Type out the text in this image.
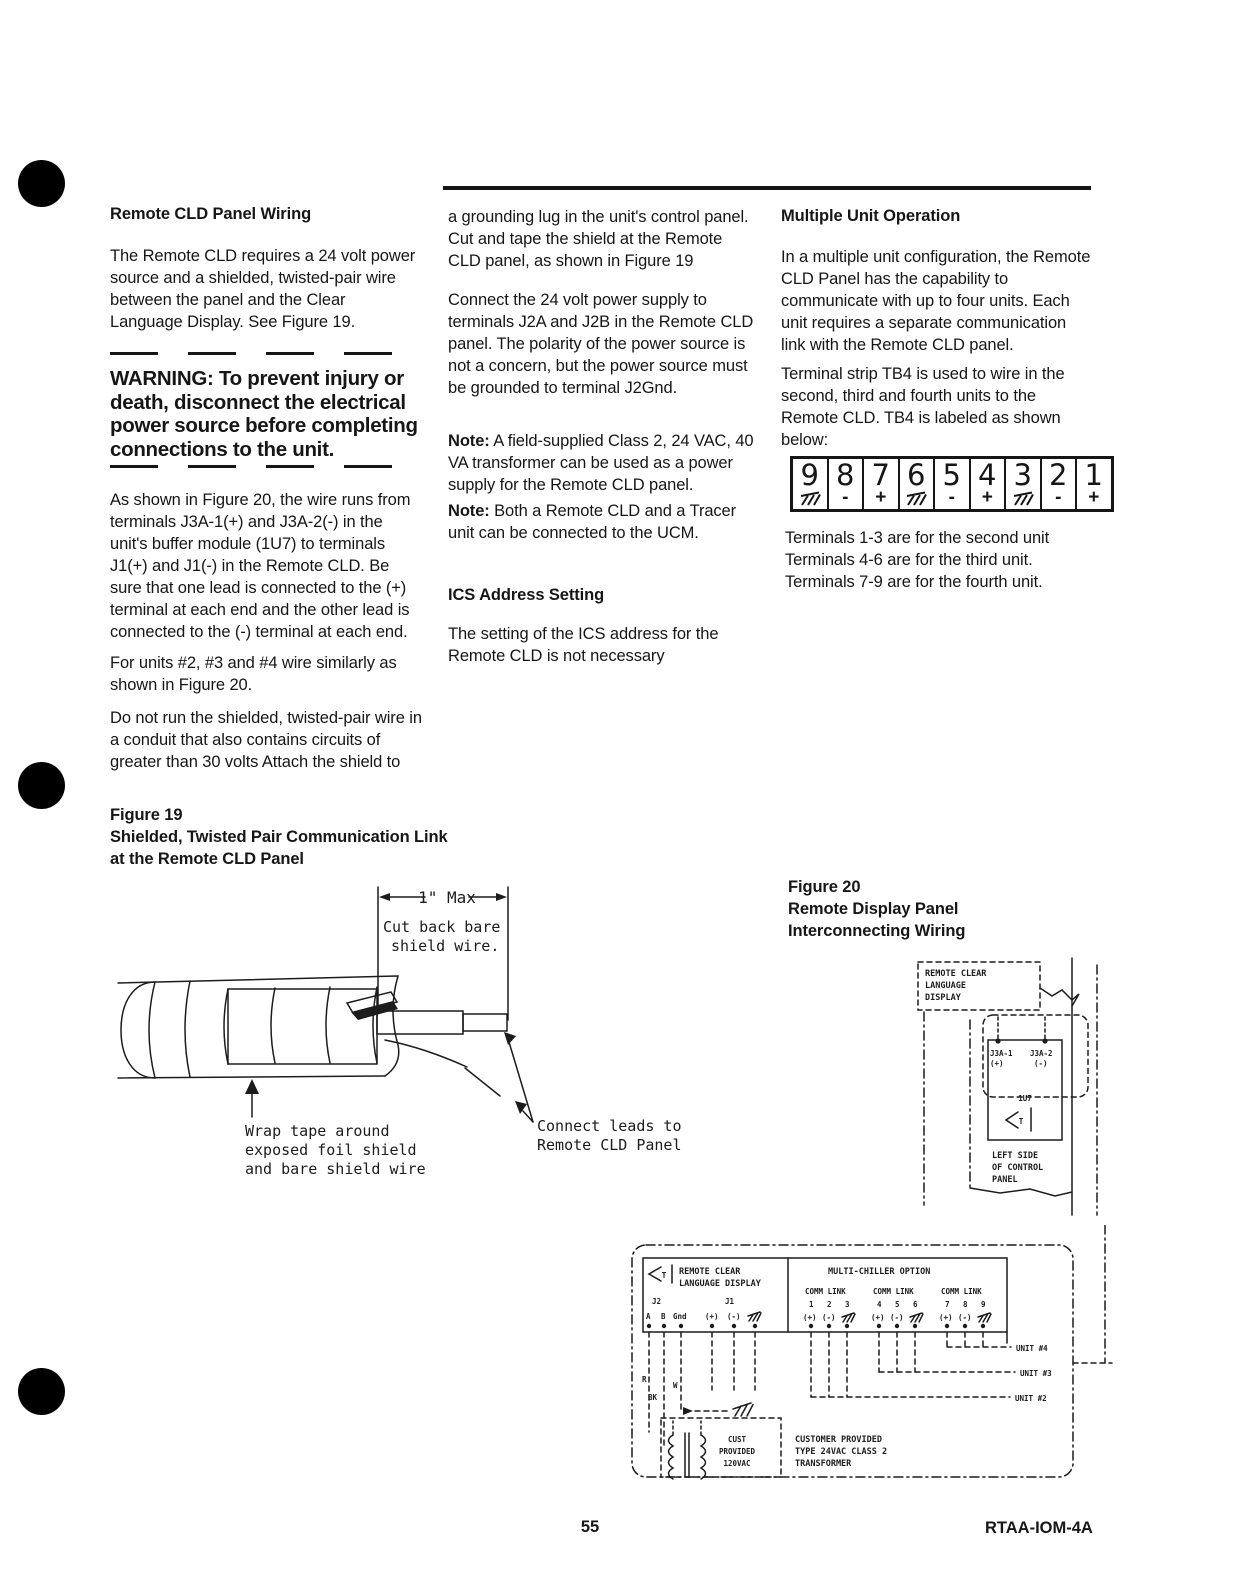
Remote CLD Panel Wiring

The Remote CLD requires a 24 volt power source and a shielded, twisted-pair wire between the panel and the Clear Language Display. See Figure 19.

WARNING: To prevent injury or death, disconnect the electrical power source before completing connections to the unit.

As shown in Figure 20, the wire runs from terminals J3A-1(+) and J3A-2(-) in the unit's buffer module (1U7) to terminals J1(+) and J1(-) in the Remote CLD. Be sure that one lead is connected to the (+) terminal at each end and the other lead is connected to the (-) terminal at each end.

For units #2, #3 and #4 wire similarly as shown in Figure 20.

Do not run the shielded, twisted-pair wire in a conduit that also contains circuits of greater than 30 volts Attach the shield to

a grounding lug in the unit's control panel. Cut and tape the shield at the Remote CLD panel, as shown in Figure 19

Connect the 24 volt power supply to terminals J2A and J2B in the Remote CLD panel. The polarity of the power source is not a concern, but the power source must be grounded to terminal J2Gnd.

Note: A field-supplied Class 2, 24 VAC, 40 VA transformer can be used as a power supply for the Remote CLD panel.

Note: Both a Remote CLD and a Tracer unit can be connected to the UCM.

ICS Address Setting

The setting of the ICS address for the Remote CLD is not necessary

Multiple Unit Operation

In a multiple unit configuration, the Remote CLD Panel has the capability to communicate with up to four units. Each unit requires a separate communication link with the Remote CLD panel.

Terminal strip TB4 is used to wire in the second, third and fourth units to the Remote CLD. TB4 is labeled as shown below:

9 8
-
7
+
6 5
-
4
+
3 2
-
1
+

Terminals 1-3 are for the second unit

Terminals 4-6 are for the third unit.

Terminals 7-9 are for the fourth unit.

Figure 19

Shielded, Twisted Pair Communication Link

at the Remote CLD Panel

1" Max
Cut back bare
shield wire.
Wrap tape around
exposed foil shield
and bare shield wire
Connect leads to
Remote CLD Panel

Figure 20

Remote Display Panel

Interconnecting Wiring

REMOTE CLEAR
LANGUAGE
DISPLAY
J3A-1
(+)
J3A-2
(-)
1U7
T
LEFT SIDE
OF CONTROL
PANEL
T REMOTE CLEAR
LANGUAGE DISPLAY
MULTI-CHILLER OPTION
J2
A B Gnd
J1
(+) (-)
COMM LINK
1 2 3
(+) (-)
COMM LINK
4 5 6
(+) (-)
COMM LINK
7 8 9
(+) (-)
UNIT #4
UNIT #3
UNIT #2
R
W
BK
CUST
PROVIDED
120VAC
CUSTOMER PROVIDED
TYPE 24VAC CLASS 2
TRANSFORMER
55	RTAA-IOM-4A
